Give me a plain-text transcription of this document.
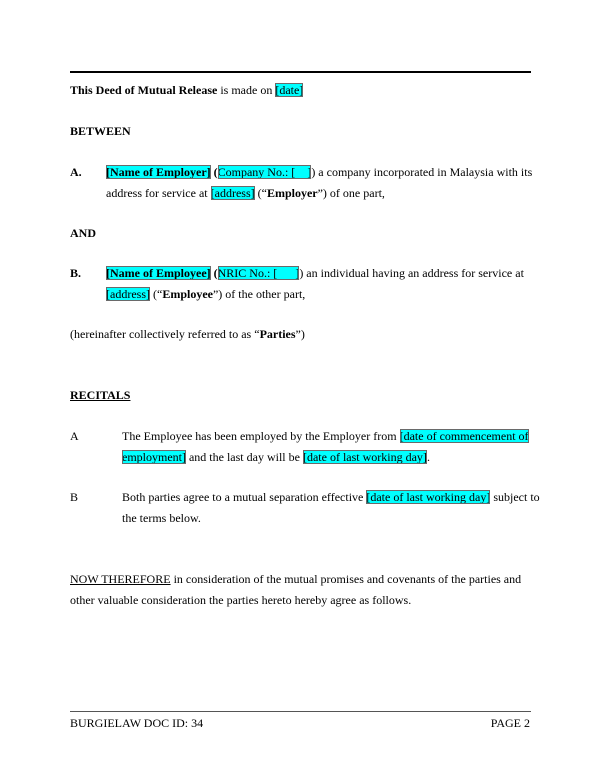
This Deed of Mutual Release is made on [date]
BETWEEN
A. [Name of Employer] (Company No.: [ ]) a company incorporated in Malaysia with its
address for service at [address] (“Employer”) of one part,
AND
B. [Name of Employee] (NRIC No.: [ ]) an individual having an address for service at
[address] (“Employee”) of the other part,
(hereinafter collectively referred to as “Parties”)
RECITALS
A	The Employee has been employed by the Employer from [date of commencement of
employment] and the last day will be [date of last working day].
B	Both parties agree to a mutual separation effective [date of last working day] subject to
the terms below.
NOW THEREFORE in consideration of the mutual promises and covenants of the parties and
other valuable consideration the parties hereto hereby agree as follows.
BURGIELAW DOC ID: 34	PAGE 2
